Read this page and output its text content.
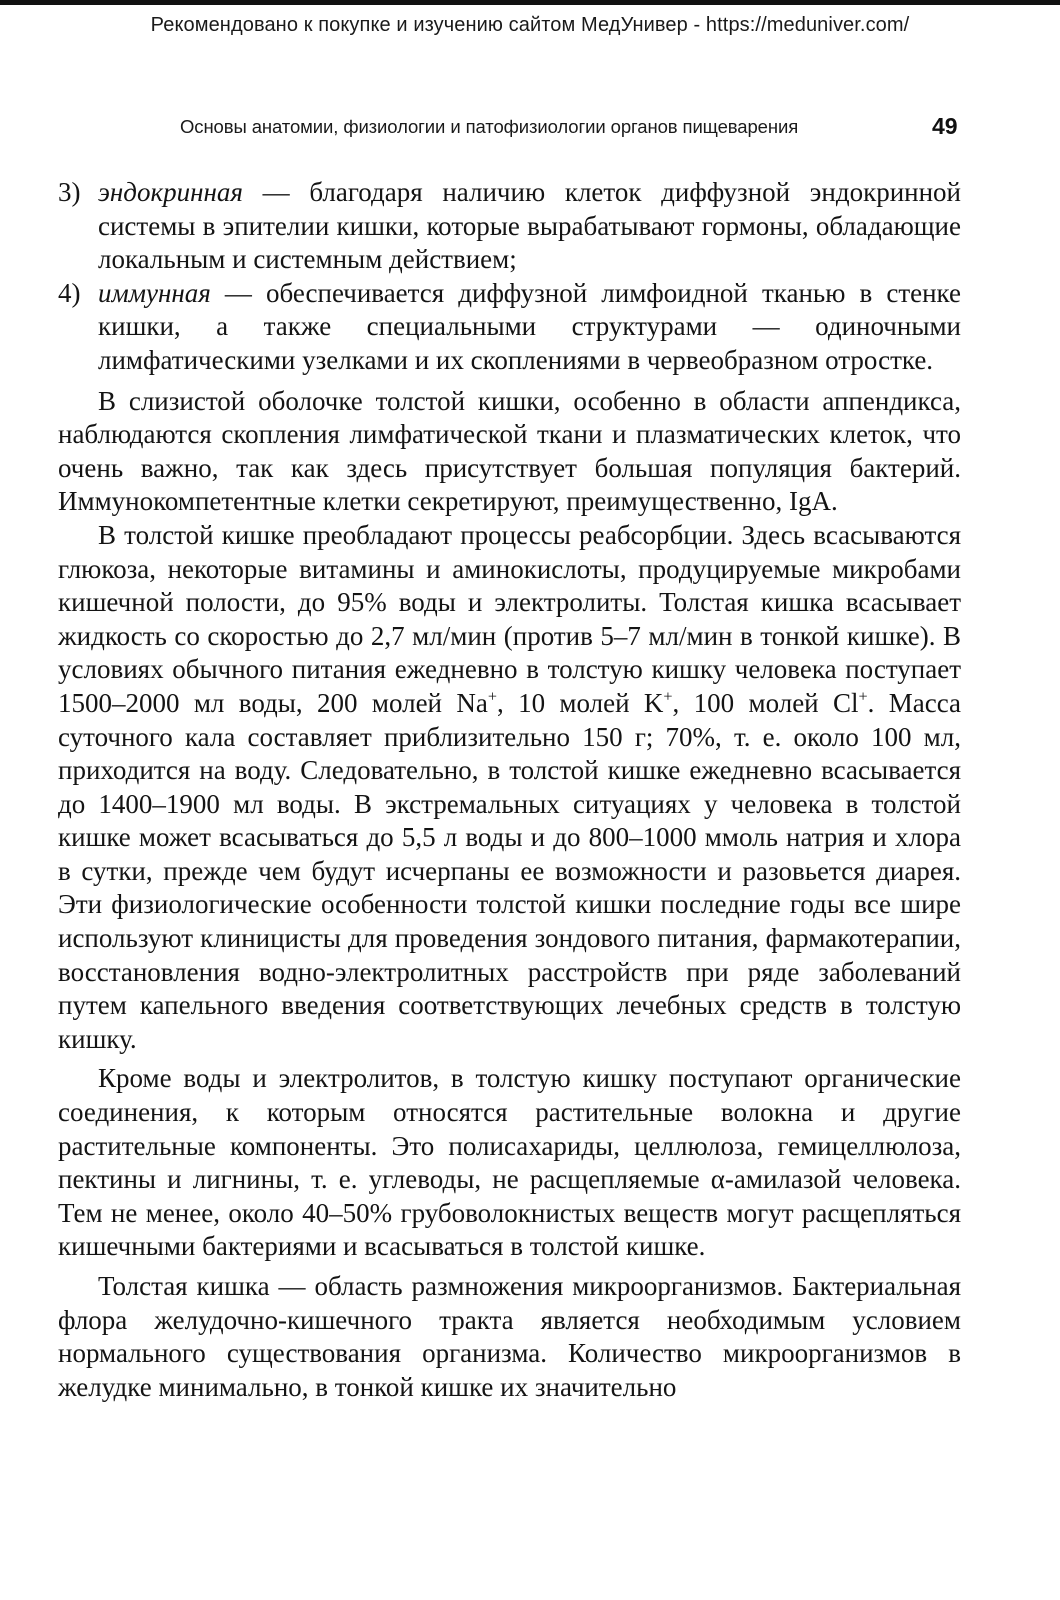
Рекомендовано к покупке и изучению сайтом МедУнивер - https://meduniver.com/
Основы анатомии, физиологии и патофизиологии органов пищеварения	49
3) эндокринная — благодаря наличию клеток диффузной эндокринной системы в эпителии кишки, которые вырабатывают гормоны, обладающие локальным и системным действием;
4) иммунная — обеспечивается диффузной лимфоидной тканью в стенке кишки, а также специальными структурами — одиночными лимфатическими узелками и их скоплениями в червеобразном отростке.

В слизистой оболочке толстой кишки, особенно в области аппендикса, наблюдаются скопления лимфатической ткани и плазматических клеток, что очень важно, так как здесь присутствует большая популяция бактерий. Иммунокомпетентные клетки секретируют, преимущественно, IgA.

В толстой кишке преобладают процессы реабсорбции. Здесь всасываются глюкоза, некоторые витамины и аминокислоты, продуцируемые микробами кишечной полости, до 95% воды и электролиты. Толстая кишка всасывает жидкость со скоростью до 2,7 мл/мин (против 5–7 мл/мин в тонкой кишке). В условиях обычного питания ежедневно в толстую кишку человека поступает 1500–2000 мл воды, 200 молей Na+, 10 молей K+, 100 молей Cl+. Масса суточного кала составляет приблизительно 150 г; 70%, т. е. около 100 мл, приходится на воду. Следовательно, в толстой кишке ежедневно всасывается до 1400–1900 мл воды. В экстремальных ситуациях у человека в толстой кишке может всасываться до 5,5 л воды и до 800–1000 ммоль натрия и хлора в сутки, прежде чем будут исчерпаны ее возможности и разовьется диарея. Эти физиологические особенности толстой кишки последние годы все шире используют клиницисты для проведения зондового питания, фармакотерапии, восстановления водно-электролитных расстройств при ряде заболеваний путем капельного введения соответствующих лечебных средств в толстую кишку.

Кроме воды и электролитов, в толстую кишку поступают органические соединения, к которым относятся растительные волокна и другие растительные компоненты. Это полисахариды, целлюлоза, гемицеллюлоза, пектины и лигнины, т. е. углеводы, не расщепляемые α-амилазой человека. Тем не менее, около 40–50% грубоволокнистых веществ могут расщепляться кишечными бактериями и всасываться в толстой кишке.

Толстая кишка — область размножения микроорганизмов. Бактериальная флора желудочно-кишечного тракта является необходимым условием нормального существования организма. Количество микроорганизмов в желудке минимально, в тонкой кишке их значительно
